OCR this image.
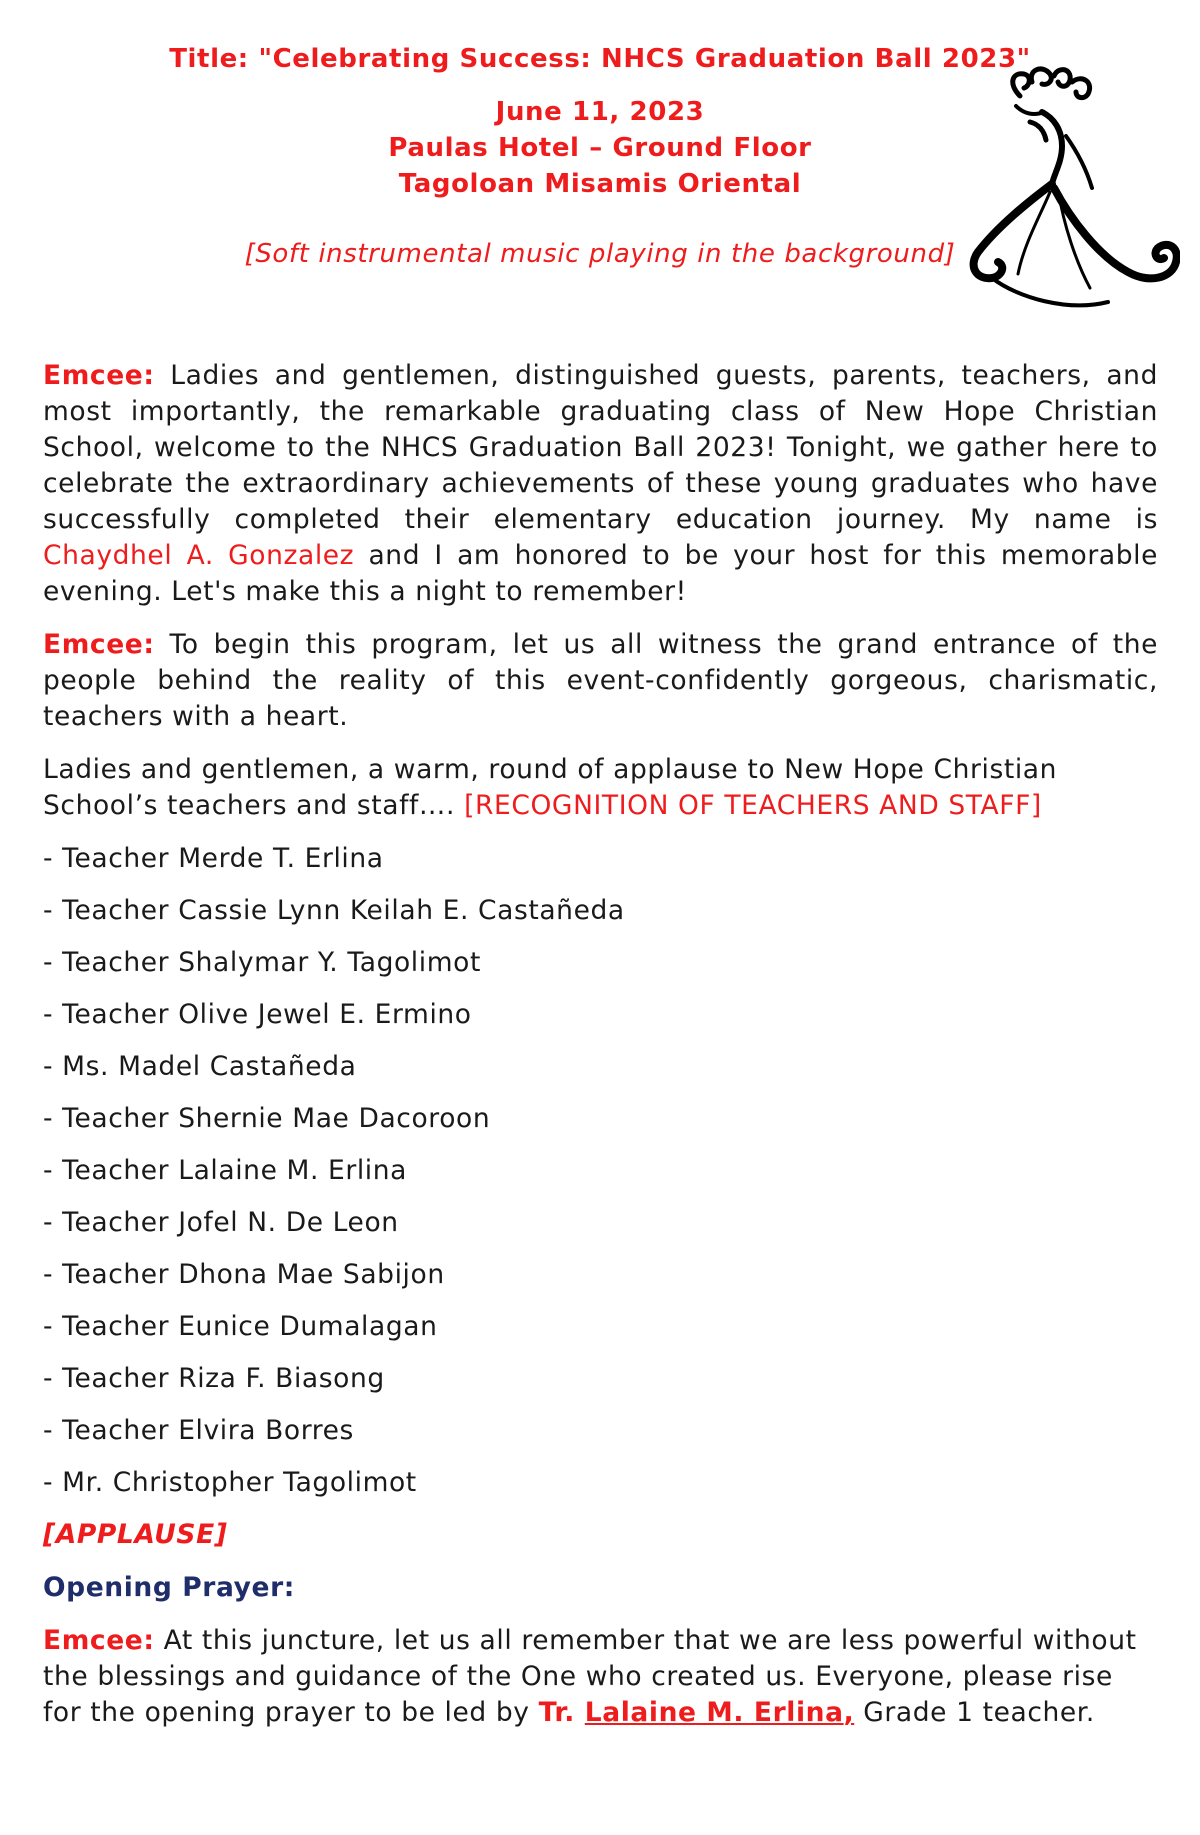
Title: "Celebrating Success: NHCS Graduation Ball 2023"
June 11, 2023
Paulas Hotel – Ground Floor
Tagoloan Misamis Oriental
[Soft instrumental music playing in the background]

Emcee: Ladies and gentlemen, distinguished guests, parents, teachers, and most importantly, the remarkable graduating class of New Hope Christian School, welcome to the NHCS Graduation Ball 2023! Tonight, we gather here to celebrate the extraordinary achievements of these young graduates who have successfully completed their elementary education journey. My name is Chaydhel A. Gonzalez and I am honored to be your host for this memorable evening. Let's make this a night to remember!

Emcee: To begin this program, let us all witness the grand entrance of the people behind the reality of this event-confidently gorgeous, charismatic, teachers with a heart.

Ladies and gentlemen, a warm, round of applause to New Hope Christian School’s teachers and staff…. [RECOGNITION OF TEACHERS AND STAFF]

- Teacher Merde T. Erlina
- Teacher Cassie Lynn Keilah E. Castañeda
- Teacher Shalymar Y. Tagolimot
- Teacher Olive Jewel E. Ermino
- Ms. Madel Castañeda
- Teacher Shernie Mae Dacoroon
- Teacher Lalaine M. Erlina
- Teacher Jofel N. De Leon
- Teacher Dhona Mae Sabijon
- Teacher Eunice Dumalagan
- Teacher Riza F. Biasong
- Teacher Elvira Borres
- Mr. Christopher Tagolimot
[APPLAUSE]
Opening Prayer:

Emcee: At this juncture, let us all remember that we are less powerful without the blessings and guidance of the One who created us. Everyone, please rise for the opening prayer to be led by Tr. Lalaine M. Erlina, Grade 1 teacher.
